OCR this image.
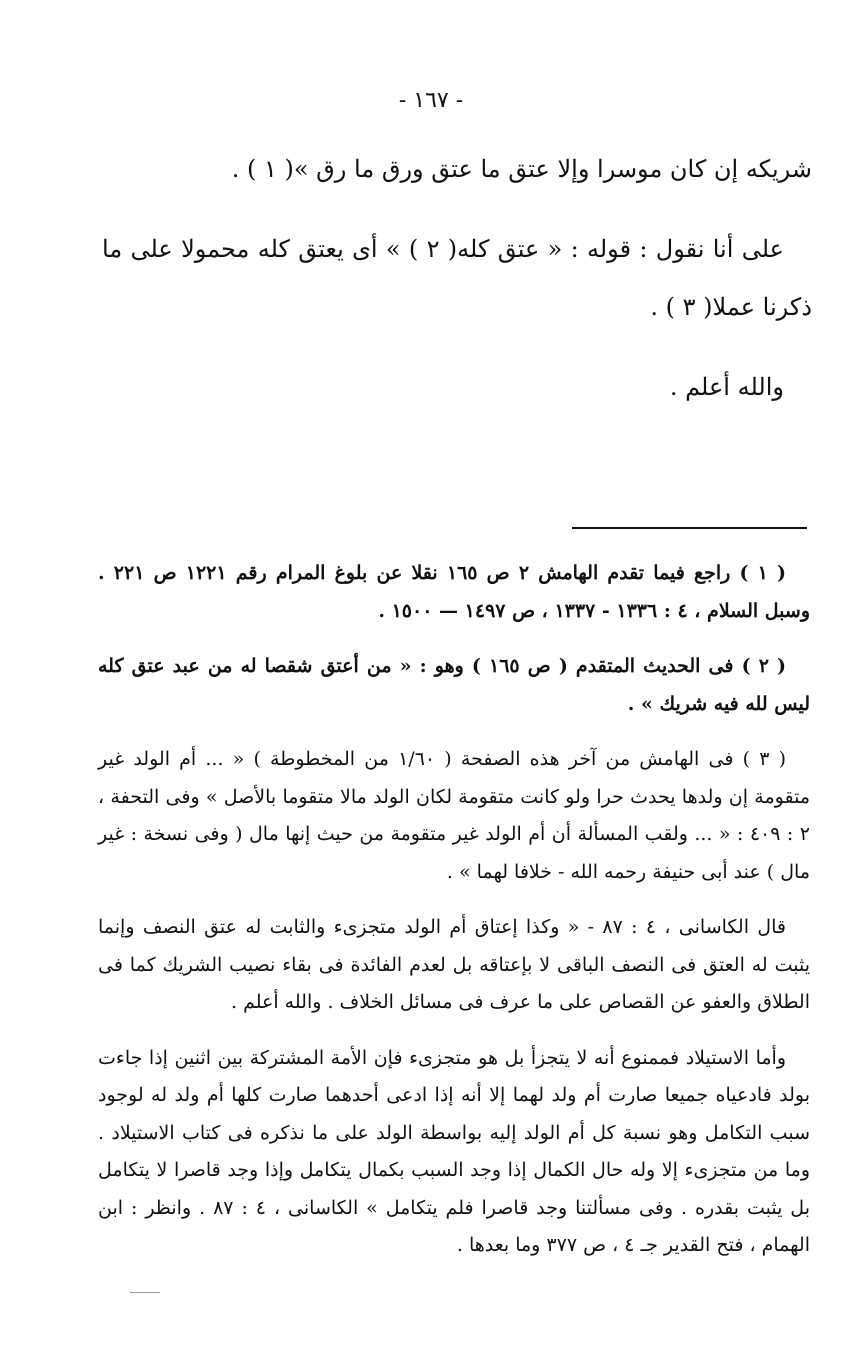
- ١٦٧ -

شريكه إن كان موسرا وإلا عتق ما عتق ورق ما رق »( ١ ) .

على أنا نقول : قوله : « عتق كله( ٢ ) » أى يعتق كله محمولا على ما ذكرنا عملا( ٣ ) .

والله أعلم .

( ١ ) راجع فيما تقدم الهامش ٢ ص ١٦٥ نقلا عن بلوغ المرام رقم ١٢٢١ ص ٢٢١ . وسبل السلام ، ٤ : ١٣٣٦ - ١٣٣٧ ، ص ١٤٩٧ — ١٥٠٠ .

( ٢ ) فى الحديث المتقدم ( ص ١٦٥ ) وهو : « من أعتق شقصا له من عبد عتق كله ليس لله فيه شريك » .

( ٣ ) فى الهامش من آخر هذه الصفحة ( ١/٦٠ من المخطوطة ) « ... أم الولد غير متقومة إن ولدها يحدث حرا ولو كانت متقومة لكان الولد مالا متقوما بالأصل » وفى التحفة ، ٢ : ٤٠٩ : « ... ولقب المسألة أن أم الولد غير متقومة من حيث إنها مال ( وفى نسخة : غير مال ) عند أبى حنيفة رحمه الله - خلافا لهما » .

قال الكاسانى ، ٤ : ٨٧ - « وكذا إعتاق أم الولد متجزىء والثابت له عتق النصف وإنما يثبت له العتق فى النصف الباقى لا بإعتاقه بل لعدم الفائدة فى بقاء نصيب الشريك كما فى الطلاق والعفو عن القصاص على ما عرف فى مسائل الخلاف . والله أعلم .

وأما الاستيلاد فممنوع أنه لا يتجزأ بل هو متجزىء فإن الأمة المشتركة بين اثنين إذا جاءت بولد فادعياه جميعا صارت أم ولد لهما إلا أنه إذا ادعى أحدهما صارت كلها أم ولد له لوجود سبب التكامل وهو نسبة كل أم الولد إليه بواسطة الولد على ما نذكره فى كتاب الاستيلاد . وما من متجزىء إلا وله حال الكمال إذا وجد السبب بكمال يتكامل وإذا وجد قاصرا لا يتكامل بل يثبت بقدره . وفى مسألتنا وجد قاصرا فلم يتكامل » الكاسانى ، ٤ : ٨٧ . وانظر : ابن الهمام ، فتح القدير جـ ٤ ، ص ٣٧٧ وما بعدها .
